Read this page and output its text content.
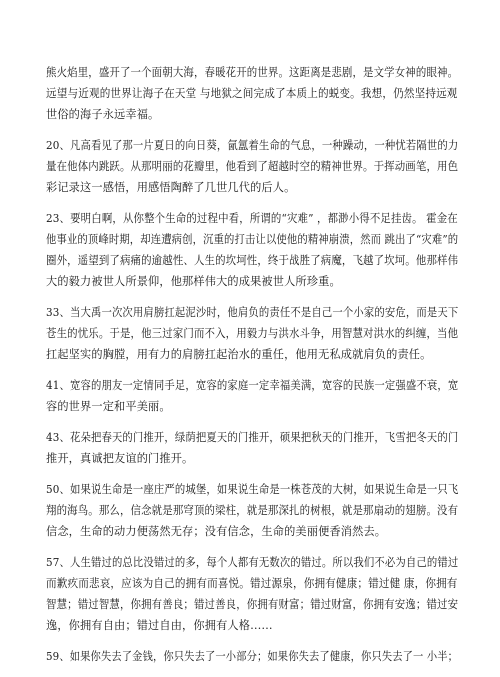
熊火焰里，盛开了一个面朝大海，春暖花开的世界。这距离是悲剧，是文学女神的眼神。
远望与近观的世界让海子在天堂 与地狱之间完成了本质上的蜕变。我想，仍然坚持远观
世俗的海子永远幸福。

20、凡高看见了那一片夏日的向日葵，氤氲着生命的气息，一种躁动，一种忧若隔世的力
量在他体内跳跃。从那明丽的花瓣里，他看到了超越时空的精神世界。于挥动画笔，用色
彩记录这一感悟，用感悟陶醉了几世几代的后人。

23、要明白啊，从你整个生命的过程中看，所谓的“灾难” ，都渺小得不足挂齿。 霍金在
他事业的顶峰时期，却连遭病创，沉重的打击让以使他的精神崩溃，然而 跳出了“灾难”的
圈外，遥望到了病痛的逾越性、人生的坎坷性，终于战胜了病魔，飞越了坎坷。他那样伟
大的毅力被世人所景仰，他那样伟大的成果被世人所珍重。

33、当大禹一次次用肩膀扛起泥沙时，他肩负的责任不是自己一个小家的安危，而是天下
苍生的忧乐。于是，他三过家门而不入，用毅力与洪水斗争，用智慧对洪水的纠缠，当他
扛起坚实的胸膛，用有力的肩膀扛起治水的重任，他用无私成就肩负的责任。

41、宽容的朋友一定情同手足，宽容的家庭一定幸福美满，宽容的民族一定强盛不衰，宽
容的世界一定和平美丽。

43、花朵把春天的门推开，绿荫把夏天的门推开，硕果把秋天的门推开，飞雪把冬天的门
推开，真诚把友谊的门推开。

50、如果说生命是一座庄严的城堡，如果说生命是一株苍茂的大树，如果说生命是一只飞
翔的海鸟。那么，信念就是那穹顶的梁柱，就是那深扎的树根，就是那扇动的翅膀。没有
信念，生命的动力便荡然无存；没有信念，生命的美丽便香消然去。

57、人生错过的总比没错过的多，每个人都有无数次的错过。所以我们不必为自己的错过
而歉疚而悲哀，应该为自己的拥有而喜悦。错过源泉，你拥有健康；错过健 康，你拥有
智慧；错过智慧，你拥有善良；错过善良，你拥有财富；错过财富，你拥有安逸；错过安
逸，你拥有自由；错过自由，你拥有人格……

59、如果你失去了金钱，你只失去了一小部分；如果你失去了健康，你只失去了一 小半；
